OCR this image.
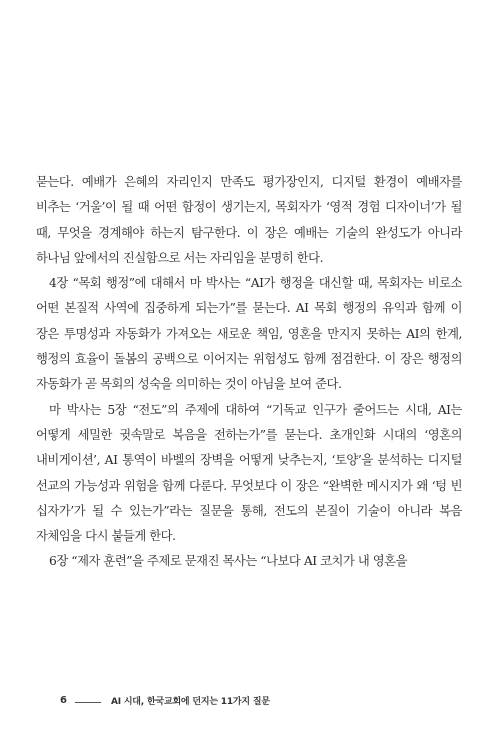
묻는다. 예배가 은혜의 자리인지 만족도 평가장인지, 디지털 환경이 예배자를 비추는 ‘거울’이 될 때 어떤 함정이 생기는지, 목회자가 ‘영적 경험 디자이너’가 될 때, 무엇을 경계해야 하는지 탐구한다. 이 장은 예배는 기술의 완성도가 아니라 하나님 앞에서의 진실함으로 서는 자리임을 분명히 한다.

4장 “목회 행정”에 대해서 마 박사는 “AI가 행정을 대신할 때, 목회자는 비로소 어떤 본질적 사역에 집중하게 되는가”를 묻는다. AI 목회 행정의 유익과 함께 이 장은 투명성과 자동화가 가져오는 새로운 책임, 영혼을 만지지 못하는 AI의 한계, 행정의 효율이 돌봄의 공백으로 이어지는 위험성도 함께 점검한다. 이 장은 행정의 자동화가 곧 목회의 성숙을 의미하는 것이 아님을 보여 준다.

마 박사는 5장 “전도”의 주제에 대하여 “기독교 인구가 줄어드는 시대, AI는 어떻게 세밀한 귓속말로 복음을 전하는가”를 묻는다. 초개인화 시대의 ‘영혼의 내비게이션’, AI 통역이 바벨의 장벽을 어떻게 낮추는지, ‘토양’을 분석하는 디지털 선교의 가능성과 위험을 함께 다룬다. 무엇보다 이 장은 “완벽한 메시지가 왜 ‘텅 빈 십자가’가 될 수 있는가”라는 질문을 통해, 전도의 본질이 기술이 아니라 복음 자체임을 다시 붙들게 한다.

6장 “제자 훈련”을 주제로 문재진 목사는 “나보다 AI 코치가 내 영혼을

6	AI 시대, 한국교회에 던지는 11가지 질문
